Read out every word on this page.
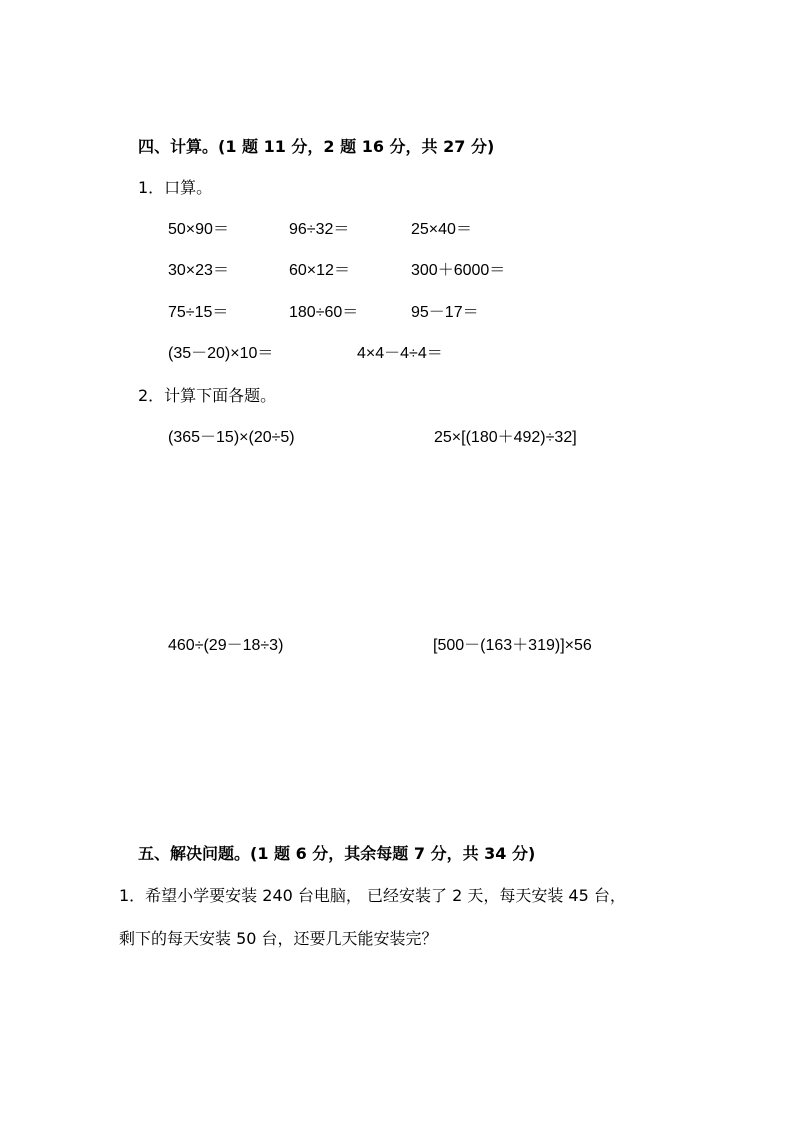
四、计算。(1 题 11 分，2 题 16 分，共 27 分)
1．口算。
50×90＝	96÷32＝	25×40＝
30×23＝	60×12＝	300＋6000＝
75÷15＝	180÷60＝	95－17＝
(35－20)×10＝	4×4－4÷4＝
2．计算下面各题。
(365－15)×(20÷5)	25×[(180＋492)÷32]
460÷(29－18÷3)	[500－(163＋319)]×56
五、解决问题。(1 题 6 分，其余每题 7 分，共 34 分)
1．希望小学要安装 240 台电脑， 已经安装了 2 天，每天安装 45 台，
剩下的每天安装 50 台，还要几天能安装完？
